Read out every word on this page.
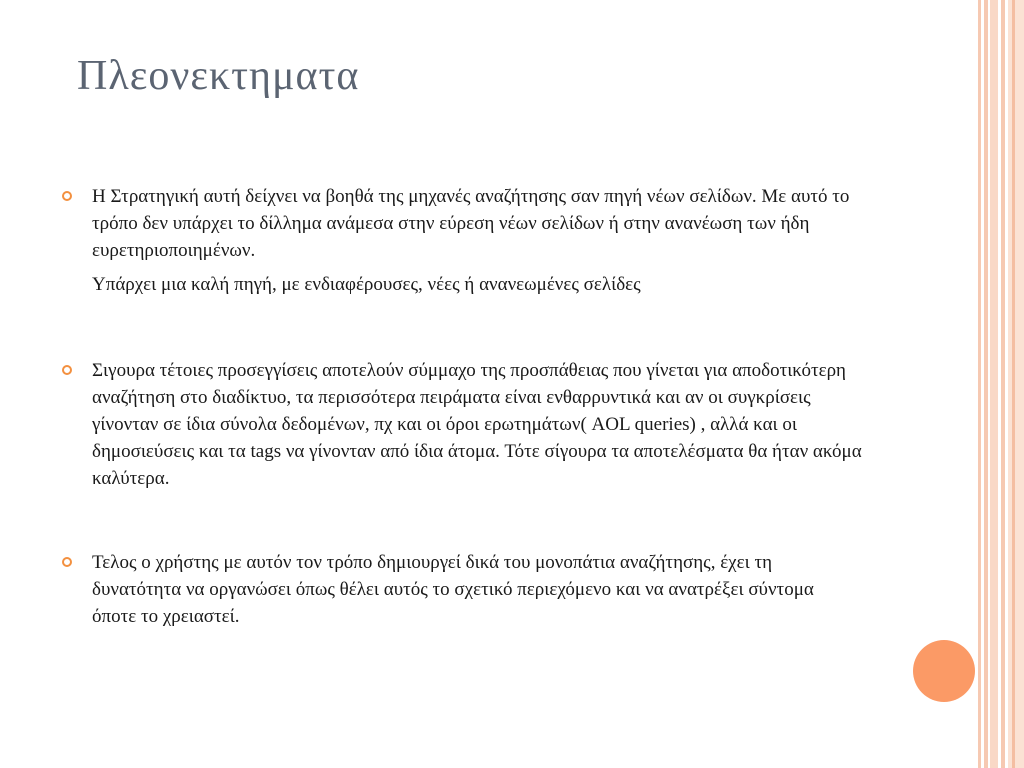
Πλεονεκτηματα

Η Στρατηγική αυτή δείχνει να βοηθά της μηχανές αναζήτησης σαν πηγή νέων σελίδων. Με αυτό το τρόπο δεν υπάρχει το δίλλημα ανάμεσα στην εύρεση νέων σελίδων ή στην ανανέωση των ήδη ευρετηριοποιημένων.

Υπάρχει μια καλή πηγή, με ενδιαφέρουσες, νέες ή ανανεωμένες σελίδες

Σιγουρα τέτοιες προσεγγίσεις αποτελούν σύμμαχο της προσπάθειας που γίνεται για αποδοτικότερη αναζήτηση στο διαδίκτυο, τα περισσότερα πειράματα είναι ενθαρρυντικά και αν οι συγκρίσεις γίνονταν σε ίδια σύνολα δεδομένων, πχ και οι όροι ερωτημάτων( AOL queries) , αλλά και οι δημοσιεύσεις και τα tags να γίνονταν από ίδια άτομα. Τότε σίγουρα τα αποτελέσματα θα ήταν ακόμα καλύτερα.

Τελος ο χρήστης με αυτόν τον τρόπο δημιουργεί δικά του μονοπάτια αναζήτησης, έχει τη δυνατότητα να οργανώσει όπως θέλει αυτός το σχετικό περιεχόμενο και να ανατρέξει σύντομα όποτε το χρειαστεί.
